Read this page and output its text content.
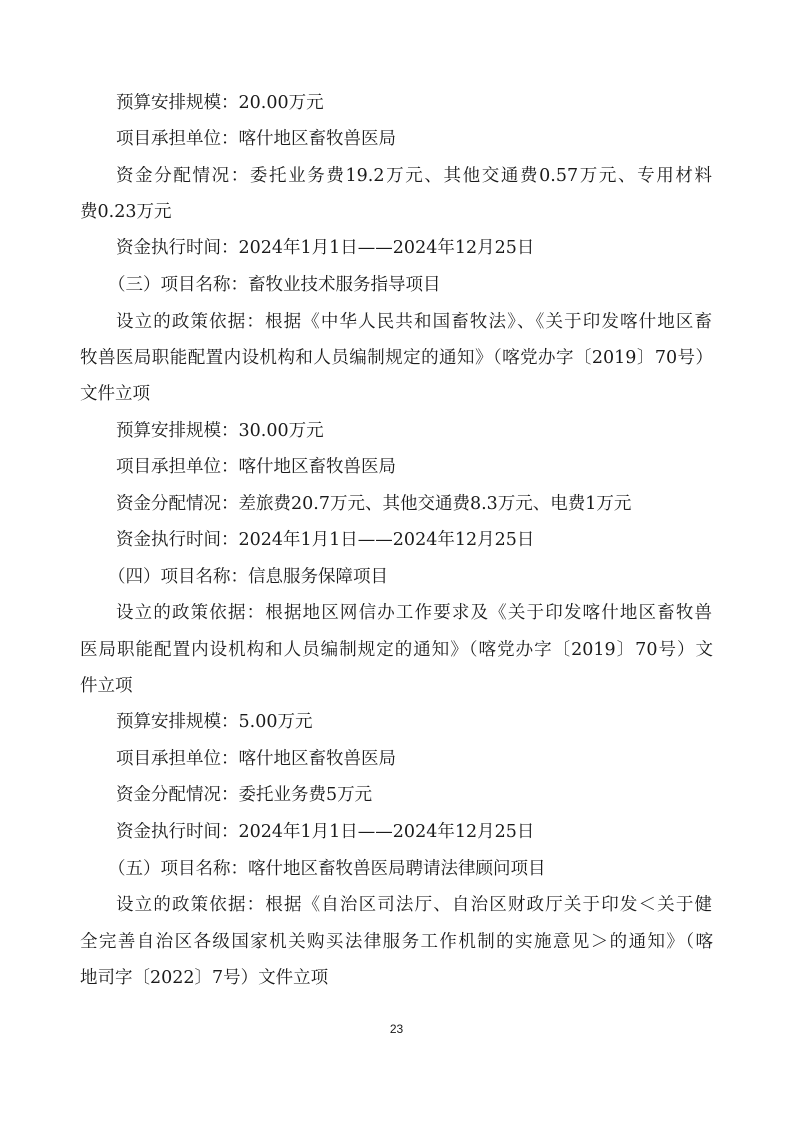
预算安排规模：20.00万元
项目承担单位：喀什地区畜牧兽医局
资金分配情况：委托业务费19.2万元、其他交通费0.57万元、专用材料
费0.23万元
资金执行时间：2024年1月1日——2024年12月25日
（三）项目名称：畜牧业技术服务指导项目
设立的政策依据：根据《中华人民共和国畜牧法》、《关于印发喀什地区畜
牧兽医局职能配置内设机构和人员编制规定的通知》（喀党办字〔2019〕70号）
文件立项
预算安排规模：30.00万元
项目承担单位：喀什地区畜牧兽医局
资金分配情况：差旅费20.7万元、其他交通费8.3万元、电费1万元
资金执行时间：2024年1月1日——2024年12月25日
（四）项目名称：信息服务保障项目
设立的政策依据：根据地区网信办工作要求及《关于印发喀什地区畜牧兽
医局职能配置内设机构和人员编制规定的通知》（喀党办字〔2019〕70号）文
件立项
预算安排规模：5.00万元
项目承担单位：喀什地区畜牧兽医局
资金分配情况：委托业务费5万元
资金执行时间：2024年1月1日——2024年12月25日
（五）项目名称：喀什地区畜牧兽医局聘请法律顾问项目
设立的政策依据：根据《自治区司法厅、自治区财政厅关于印发＜关于健
全完善自治区各级国家机关购买法律服务工作机制的实施意见＞的通知》（喀
地司字〔2022〕7号）文件立项
23
